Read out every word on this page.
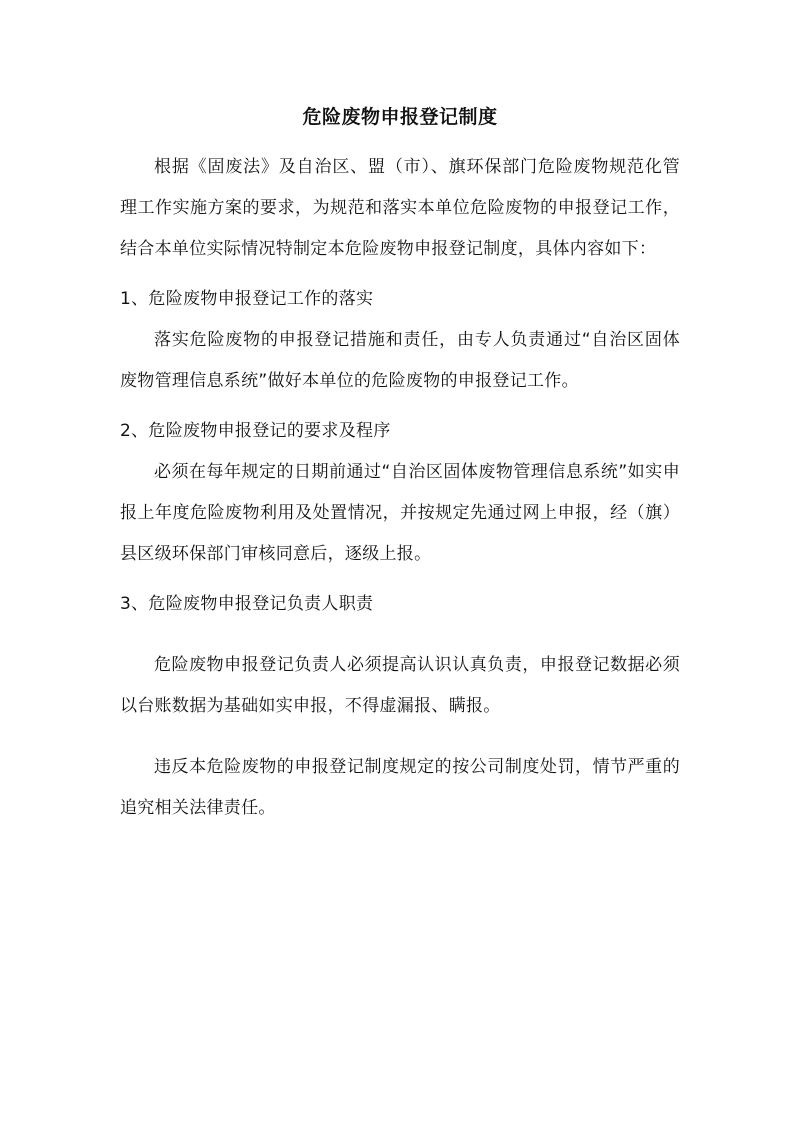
危险废物申报登记制度

根据《固废法》及自治区、盟（市）、旗环保部门危险废物规范化管理工作实施方案的要求，为规范和落实本单位危险废物的申报登记工作，结合本单位实际情况特制定本危险废物申报登记制度，具体内容如下：

1、危险废物申报登记工作的落实

落实危险废物的申报登记措施和责任，由专人负责通过“自治区固体废物管理信息系统”做好本单位的危险废物的申报登记工作。

2、危险废物申报登记的要求及程序

必须在每年规定的日期前通过“自治区固体废物管理信息系统”如实申报上年度危险废物利用及处置情况，并按规定先通过网上申报，经（旗）县区级环保部门审核同意后，逐级上报。

3、危险废物申报登记负责人职责

危险废物申报登记负责人必须提高认识认真负责，申报登记数据必须以台账数据为基础如实申报，不得虚漏报、瞒报。

违反本危险废物的申报登记制度规定的按公司制度处罚，情节严重的追究相关法律责任。
